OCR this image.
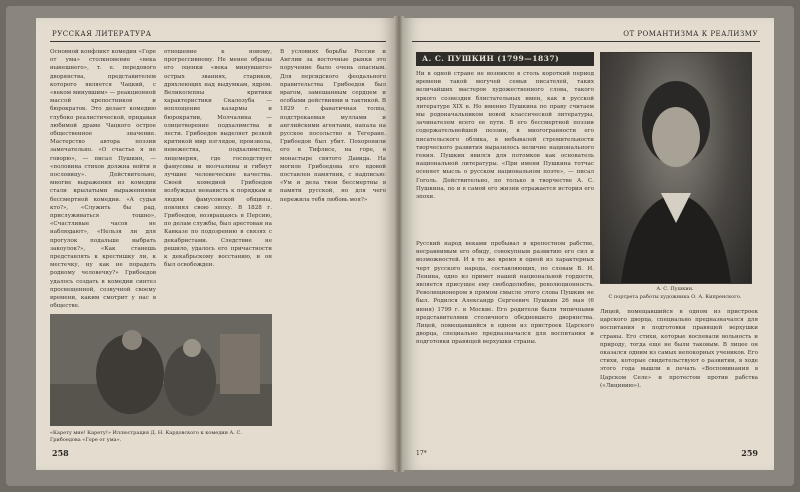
РУССКАЯ ЛИТЕРАТУРА
Основной конфликт комедии «Горе от ума» столкновение «века нынешнего», т. е. передового дворянства, представителем которого является Чацкий, с «веком минувшим» — реакционной массой крепостников и бюрократов. Это делает комедию глубоко реалистической, придавая любимой драме Чацкого острое общественное значение. Мастерство автора поэзии замечательно. «О счастье я не говорю», — писал Пушкин, — «половина стихов должна войти в пословицу». Действительно, многие выражения из комедии стали крылатыми выражениями бессмертной комедии. «А судьи кто?», «Служить бы рад, прислуживаться тошно», «Счастливые часов не наблюдают», «Нельзя ли для прогулок подальше выбрать закоулок?», «Как станешь представлять к крестишку ли, к местечку, ну как не порадеть родному человечку?» Грибоедов удалось создать в комедии синтез просвещенной, созвучной своему времени, каким смотрит у нас в обществе.
отношение к новому, прогрессивному. Не менее образы его оценки «века минувшего» острых званиях, стариков, дряхлеющих над выдумкам, ядром. Великолепны критики характеристики Скалозуба — воплощение казармы и бюрократии, Молчалина — олицетворение подхалимства и лести. Грибоедов выделяет резкой критикой мир взглядов, произвола, невежества, подхалимства, лицемерия, где господствует фамусовы и молчалины и гибнут лучшие человеческие качества. Своей комедией Грибоедов возбуждал ненависть к порядкам и людям фамусовской общины, повлиял свою эпоху. В 1828 г. Грибоедов, возвращаясь в Персию, по делам службы, был арестован на Кавказе по подозрению в связях с декабристами. Следствие не решило, удалось его причастности к декабрьскому восстанию, и он был освобожден.
В условиях борьбы России и Англии за восточные рынки это поручение было очень опасным. Для персидского феодального правительства Грибоедов был врагом, замешанным сердцем и особыми действиями и тактикой. В 1829 г. фанатичная толпа, подстрекаемая муллами и английскими агентами, напала на русское посольство в Тегеране. Грибоедов был убит. Похоронили его в Тифлисе, на горе, в монастыре святого Давида. На могиле Грибоедова его вдовой поставлен памятник, с надписью: «Ум и дела твои бессмертны в памяти русской, но для чего пережила тебя любовь моя?»
«Карету мне! Карету!» Иллюстрация Д. Н. Кардовского к комедии А. С. Грибоедова «Горе от ума».
258
ОТ РОМАНТИЗМА К РЕАЛИЗМУ
А. С. ПУШКИН (1799—1837)
Ни в одной стране не возникло в столь короткий период времени такой могучей семьи писателей, таких величайших мастеров художественного слова, такого яркого созвездия блистательных имен, как в русской литературе XIX в. Но именно Пушкина по праву считаем мы родоначальником новой классической литературы, зачинателем всего ее пути. В его бессмертной поэзии содержательнейшей поэзии, в многогранности его писательского облика, в небывалой стремительности творческого развития выразилось величие национального гения. Пушкин явился для потомков как основатель национальной литературы. «При имени Пушкина тотчас осеняет мысль о русском национальном поэте», — писал Гоголь. Действительно, по только в творчестве А. С. Пушкина, по и в самой его жизни отражается история его эпохи.
Русский народ веками пребывал в крепостном рабстве, несравнимым его обиду, совокупным развитию его сил и возможностей. И в то же время в одной из характерных черт русского народа, составляющих, по словам В. И. Ленина, одно из примет нашей национальной гордости, является присущее ему свободолюбие, революционность. Революционером в прямом смысле этого слова Пушкин не был. Родился Александр Сергеевич Пушкин 26 мая (6 июня) 1799 г. в Москве. Его родители были типичными представителями столичного обедневшего дворянства. Лицей, помещавшийся в одном из пристроек Царского дворца, специально предназначался для воспитания и подготовки правящей верхушки страны.
А. С. Пушкин.
С портрета работы художника О. А. Кипренского.
Лицей, помещавшийся в одном из пристроек царского дворца, специально предназначался для воспитания и подготовки правящей верхушки страны. Его стихи, которые воспевали вольность и природу, тогда еще не были таковым. В лицее он оказался одним из самых непокорных учеников. Его стихи, которые свидетельствуют о развитии, в ходе этого года вышли в печать «Воспоминания в Царском Селе» и протестом против рабства («Лицинию»).
17*	259
